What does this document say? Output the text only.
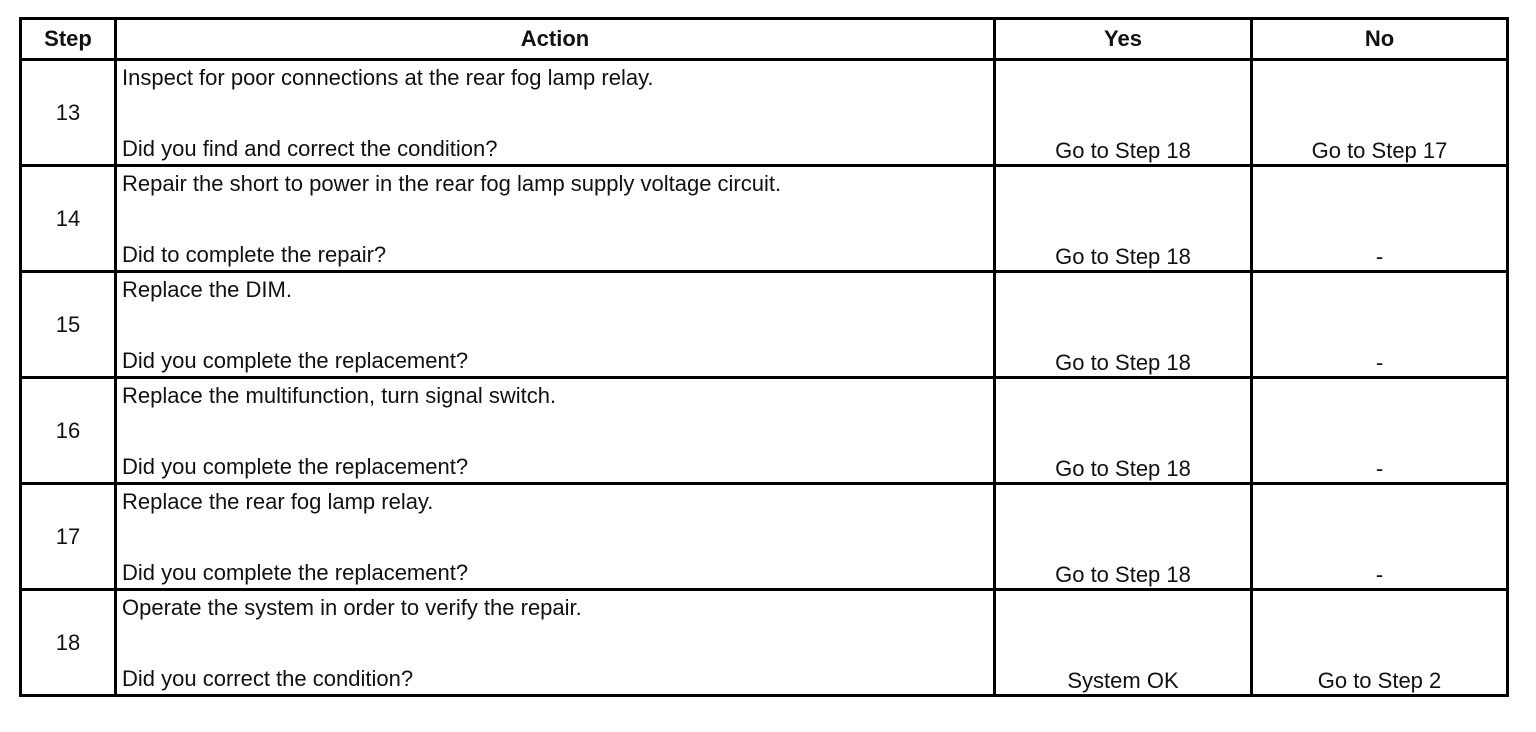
Step	Action	Yes	No
13	Inspect for poor connections at the rear fog lamp relay.
Did you find and correct the condition?	Go to Step 18	Go to Step 17
14	Repair the short to power in the rear fog lamp supply voltage circuit.
Did to complete the repair?	Go to Step 18	-
15	Replace the DIM.
Did you complete the replacement?	Go to Step 18	-
16	Replace the multifunction, turn signal switch.
Did you complete the replacement?	Go to Step 18	-
17	Replace the rear fog lamp relay.
Did you complete the replacement?	Go to Step 18	-
18	Operate the system in order to verify the repair.
Did you correct the condition?	System OK	Go to Step 2
